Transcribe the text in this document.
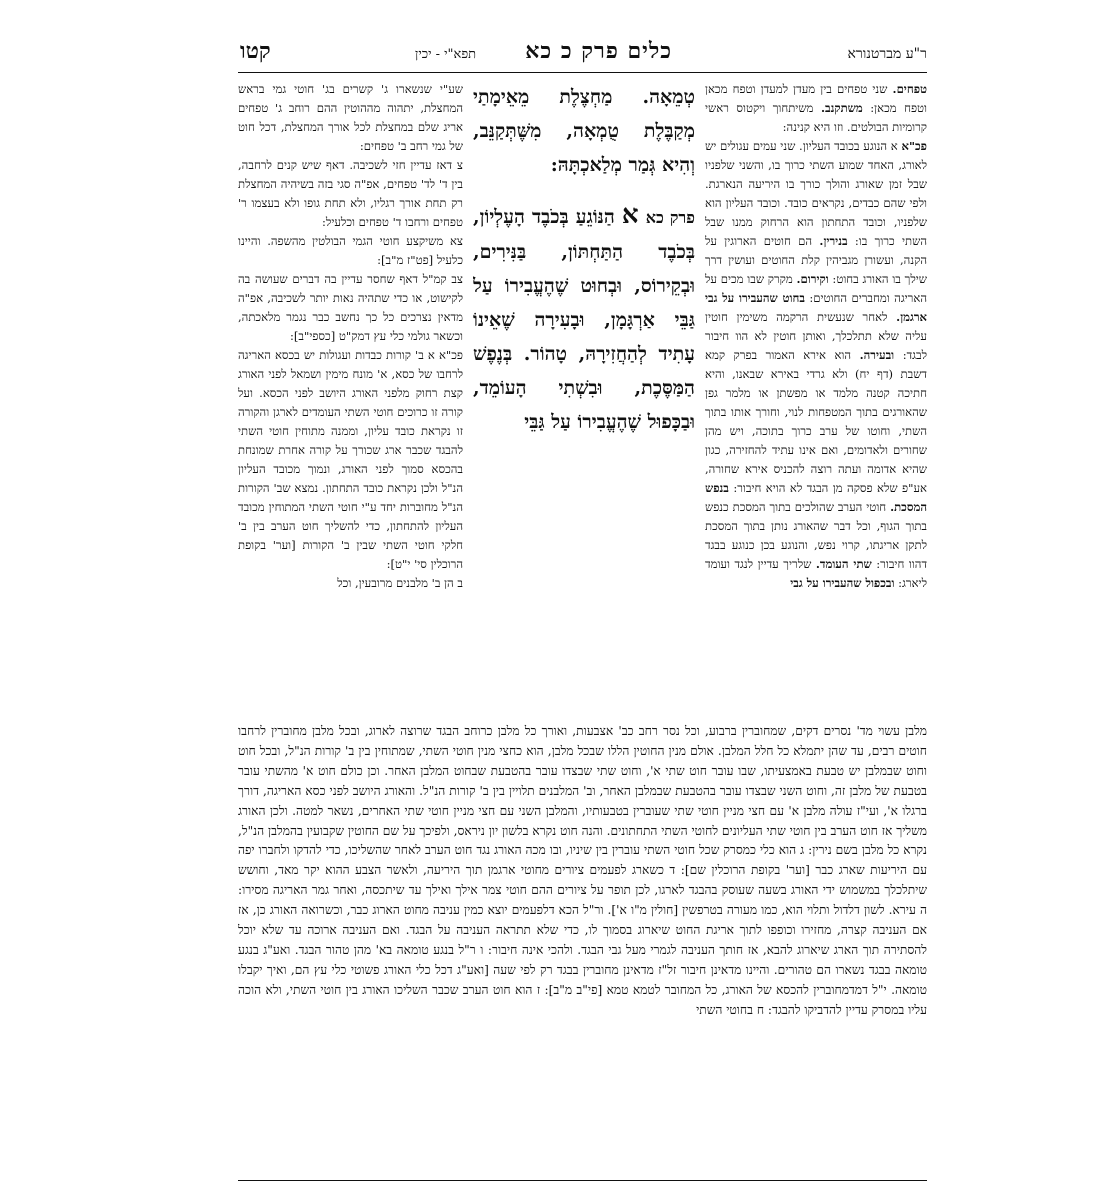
ר"ע מברטנורא
כלים פרק כ כא
תפא"י - יכין
קטו

טפחים. שני טפחים בין מעדן למעדן וטפח מכאן וטפח מכאן: משתקנב. משיתחוך ויקטוס ראשי קרומיות הבולטים. וזו היא קנינה:

פכ"א א הנוגע בכובד העליון. שני עמים עגולים יש לאורג, האחד שמוע השתי כרוך בו, והשני שלפניו שבל זמן שאורג והולך כורך בו היריעה הנארגת. ולפי שהם כבדים, נקראים כובד. וכובד העליון הוא שלפניו, וכובד התחתון הוא הרחוק ממנו שבל השתי כרוך בו: בנירין. הם חוטים הארוגין על הקנה, ועשורן מגביהין קלת החוטים ועושין דרך שילך בו האורג בחוט: וקירום. מקרק שבו מכים על האריגה ומחברים החוטים: בחוט שהעבירו על גבי ארגמן. לאחר שנעשית הרקמה משימין חוטין עליה שלא תתלכלך, ואותן חוטין לא הוו חיבור לבגד: ובעירה. הוא אירא האמור בפרק קמא דשבת (דף יח) ולא גרדי באירא שבאנו, והיא חתיכה קטנה מלמד או מפשתן או מלמר גפן שהאורגים בתוך המטפחות לנוי, וחורך אותו בתוך השתי, וחוטו של ערב כרוך בתוכה, ויש מהן שחורים ולאדומים, ואם אינו עתיד להחזירה, כגון שהיא אדומה ועתה רוצה להכניס אירא שחורה, אע"פ שלא פסקה מן הבגד לא הויא חיבור: בנפש המסכת. חוטי הערב שהולכים בתוך המסכת כנפש בתוך הגוף, וכל דבר שהאורג נותן בתוך המסכת לתקן אריגתו, קרוי נפש, והנוגע בכן כנוגע בבגד דהוו חיבור: שתי העומד. שלריך עדיין לנגד ועומד ליארג: ובכפול שהעבירו על גבי

טְמֵאָה. מַחְצֶלֶת מֵאֵימָתַי מְקַבֶּלֶת טֻמְאָה, מִשֶּׁתְּקַנֵּב, וְהִיא גְּמַר מְלַאכְתָּהּ:

פרק כא א הַנּוֹגֵעַ בְּכֹבֶד הָעֶלְיוֹן, בְּכֹבֶד הַתַּחְתּוֹן, בַּנִּירִים, וּבְקֵירוֹס, וּבְחוּט שֶׁהֶעֱבִירוֹ עַל גַּבֵּי אַרְגָּמָן, וּבָעִירָה שֶׁאֵינוֹ עָתִיד לְהַחֲזִירָהּ, טָהוֹר. בְּנֶפֶשׁ הַמַּסֶּכֶת, וּבִשְׁתִי הָעוֹמֵד, וּבַכָּפוּל שֶׁהֶעֱבִירוֹ עַל גַּבֵּי

שע"י שנשארו ג' קשרים בג' חוטי גמי בראש המחצלת, יתהוה מההוטין ההם רוחב ג' טפחים אריג שלם במחצלת לכל אורך המחצלת, דכל חוט של גמי רחב ב' טפחים:

צ דאז עדיין חזי לשכיבה. דאף שיש קנים לרחבה, בין ד' לד' טפחים, אפ"ה סגי בזה בשיהיה המחצלת רק תחת אורך רגליו, ולא תחת גופו ולא בעצמו ר' טפחים ורחבו ד' טפחים וכלעיל:

צא משיקצע חוטי הגמי הבולטין מהשפה. והיינו כלעיל [פט"ז מ"ב]:

צב קמ"ל דאף שחסר עדיין בה דברים שעושה בה לקישוט, או כדי שתהיה נאות יותר לשכיבה, אפ"ה מדאין נצרכים כל כך נחשב כבר נגמר מלאכתה, וכשאר גולמי כלי עץ דמק"ט [כספי"ב]:

פכ"א א ב' קורות כבדות ועגולות יש בכסא האריגה לרחבו של כסא, א' מונח מימין ושמאל לפני האורג קצת רחוק מלפני האורג היושב לפני הכסא. ועל קורה זו כרוכים חוטי השתי העומדים לארגן והקורה זו נקראת כובד עליון, וממנה מתוחין חוטי השתי להבגד שכבר ארג שכורך על קורה אחרת שמונחת בהכסא סמוך לפני האורג, ונמוך מכובד העליון הנ"ל ולכן נקראת כובד התחתון. נמצא שב' הקורות הנ"ל מחוברות יחד ע"י חוטי השתי המתוחין מכובד העליון להתחתון, כדי להשליך חוט הערב בין ב' חלקי חוטי השתי שבין ב' הקורות [וער' בקופת הרוכלין סי' י"ט]:

ב הן ב' מלבנים מרובעין, וכל

מלבן עשוי מד' נסרים דקים, שמחוברין ברבוע, וכל נסר רחב כב' אצבעות, ואורך כל מלבן כרוחב הבגד שרוצה לארוג, ובכל מלבן מחוברין לרחבו חוטים רבים, עד שהן יתמלא כל חלל המלבן. אולם מנין החוטין הללו שבכל מלבן, הוא כחצי מנין חוטי השתי, שמתוחין בין ב' קורות הנ"ל, ובכל חוט וחוט שבמלבן יש טבעת באמצעיתו, שבו עובר חוט שתי א', וחוט שתי שבצדו עובר בהטבעת שבחוט המלבן האחר. וכן כולם חוט א' מהשתי עובר בטבעת של מלבן זה, וחוט השני שבצדו עובר בהטבעת שבמלבן האחר, וב' המלבנים תלויין בין ב' קורות הנ"ל. והאורג היושב לפני כסא האריגה, דורך ברגלו א', ועי"ז עולה מלבן א' עם חצי מניין חוטי שתי שעוברין בטבעותיו, והמלבן השני עם חצי מניין חוטי שתי האחרים, נשאר למטה. ולכן האורג משליך אז חוט הערב בין חוטי שתי העליונים לחוטי השתי התחתונים. והנה חוט נקרא בלשון יון ניראס, ולפיכך על שם החוטין שקבועין בהמלבן הנ"ל, נקרא כל מלבן בשם נירין: ג הוא כלי כמסרק שכל חוטי השתי עוברין בין שיניו, ובו מכה האורג נגד חוט הערב לאחר שהשליכו, כדי להדקו ולחברו יפה עם היריעות שארג כבר [וער' בקופת הרוכלין שם]: ד כשארג לפעמים ציורים מחוטי ארגמן תוך היריעה, ולאשר הצבע ההוא יקר מאד, וחושש שיתלכלך במשמוש ידי האורג בשעה שעוסק בהבגד לארגו, לכן תופר על ציורים ההם חוטי צמר אילך ואילך עד שיתכסה, ואחר גמר האריגה מסירו: ה עירא. לשון דלדול ותלוי הוא, כמו מעורה בטרפשין [חולין מ"ו א']. ור"ל הכא דלפעמים יוצא כמין עניבה מחוט הארוג כבר, וכשרואה האורג כן, אז אם העניבה קצרה, מחזירו וכופפו לתוך אריגת החוט שיארוג בסמוך לו, כדי שלא תתראה העניבה על הבגד. ואם העניבה ארוכה עד שלא יוכל להסתירה תוך הארג שיארוג להבא, אז חותך העניבה לגמרי מעל גבי הבגד. ולהכי אינה חיבור: ו ר"ל בנגע טומאה בא' מהן טהור הבגד. ואע"ג בנגע טומאה בבגד נשארו הם טהורים. והיינו מדאינן חיבור זל"ז מדאינן מחוברין בבגד רק לפי שעה [ואע"ג דכל כלי האורג פשוטי כלי עץ הם, ואיך יקבלו טומאה. י"ל דמדמחוברין להכסא של האורג, כל המחובר לטמא טמא [פי"ב מ"ב]: ז הוא חוט הערב שכבר השליכו האורג בין חוטי השתי, ולא הוכה עליו במסרק עדיין להדביקו להבגד: ח בחוטי השתי
